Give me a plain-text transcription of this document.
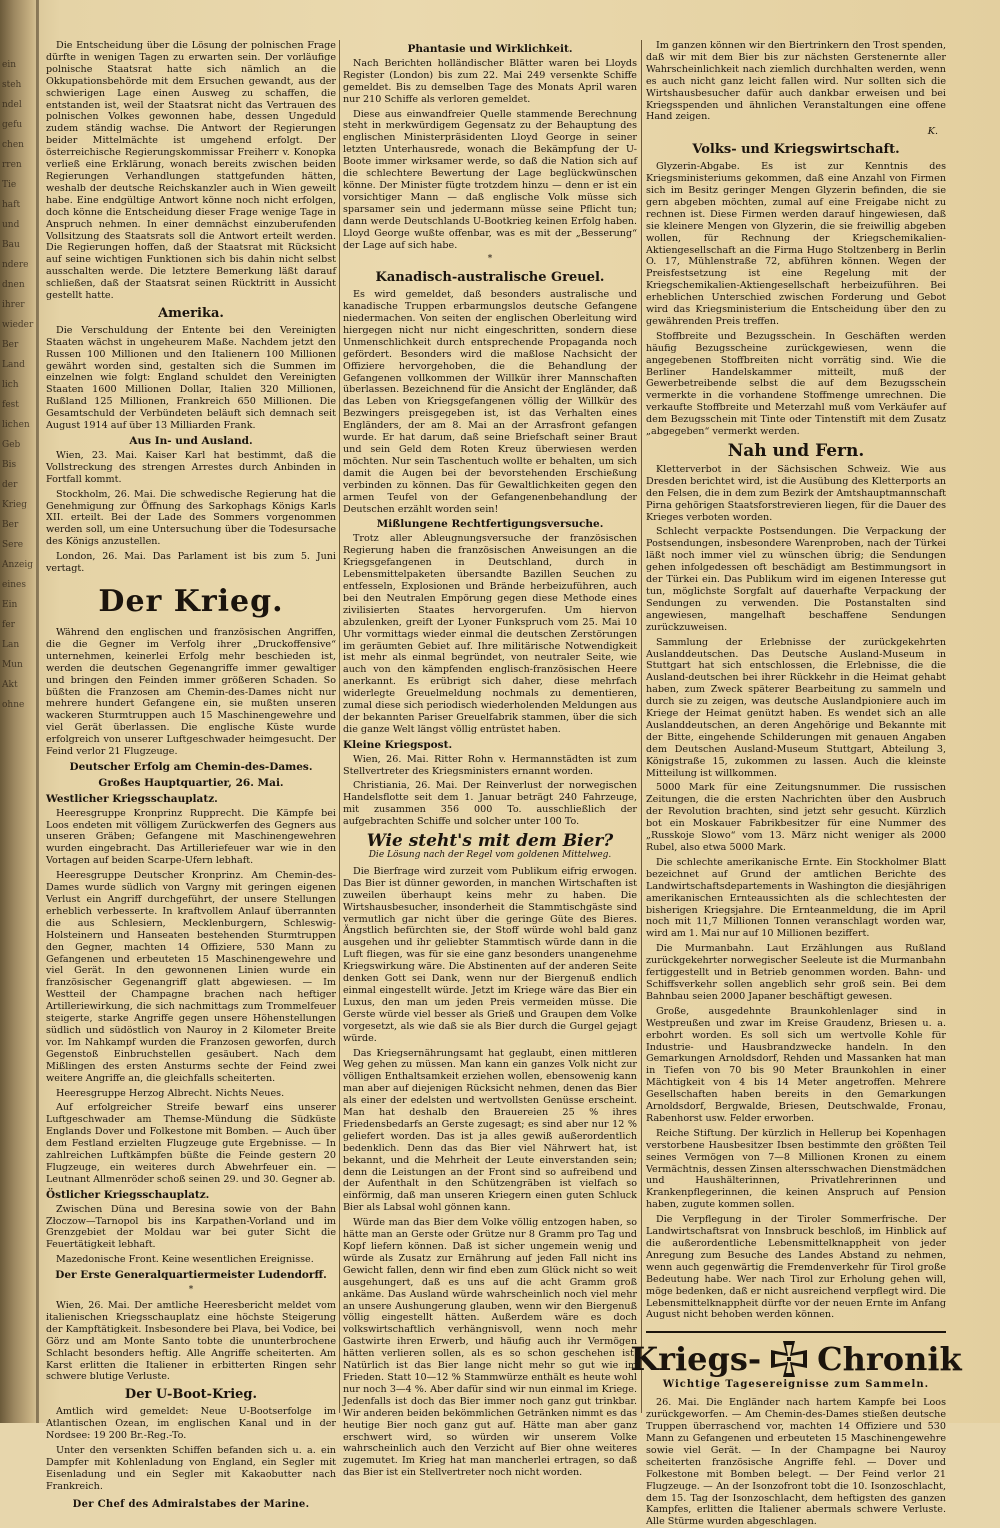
ein
steh
ndel
gefu
chen
rren
Tie
haft
und
Bau
ndere
dnen
ihrer
wieder
Ber
Land
lich
fest
lichen
Geb
Bis
der
Krieg
Ber
Sere
Anzeig
eines
Ein
fer
Lan
Mun
Akt
ohne

Die Entscheidung über die Lösung der polnischen Frage dürfte in wenigen Tagen zu erwarten sein. Der vorläufige polnische Staatsrat hatte sich nämlich an die Okkupationsbehörde mit dem Ersuchen gewandt, aus der schwierigen Lage einen Ausweg zu schaffen, die entstanden ist, weil der Staatsrat nicht das Vertrauen des polnischen Volkes gewonnen habe, dessen Ungeduld zudem ständig wachse. Die Antwort der Regierungen beider Mittelmächte ist umgehend erfolgt. Der österreichische Regierungskommissar Freiherr v. Konopka verließ eine Erklärung, wonach bereits zwischen beiden Regierungen Verhandlungen stattgefunden hätten, weshalb der deutsche Reichskanzler auch in Wien geweilt habe. Eine endgültige Antwort könne noch nicht erfolgen, doch könne die Entscheidung dieser Frage wenige Tage in Anspruch nehmen. In einer demnächst einzuberufenden Vollsitzung des Staatsrats soll die Antwort erteilt werden. Die Regierungen hoffen, daß der Staatsrat mit Rücksicht auf seine wichtigen Funktionen sich bis dahin nicht selbst ausschalten werde. Die letztere Bemerkung läßt darauf schließen, daß der Staatsrat seinen Rücktritt in Aussicht gestellt hatte.

Amerika.

Die Verschuldung der Entente bei den Vereinigten Staaten wächst in ungeheurem Maße. Nachdem jetzt den Russen 100 Millionen und den Italienern 100 Millionen gewährt worden sind, gestalten sich die Summen im einzelnen wie folgt: England schuldet den Vereinigten Staaten 1600 Millionen Dollar, Italien 320 Millionen, Rußland 125 Millionen, Frankreich 650 Millionen. Die Gesamtschuld der Verbündeten beläuft sich demnach seit August 1914 auf über 13 Milliarden Frank.

Aus In- und Ausland.

Wien, 23. Mai. Kaiser Karl hat bestimmt, daß die Vollstreckung des strengen Arrestes durch Anbinden in Fortfall kommt.

Stockholm, 26. Mai. Die schwedische Regierung hat die Genehmigung zur Öffnung des Sarkophags Königs Karls XII. erteilt. Bei der Lade des Sommers vorgenommen werden soll, um eine Untersuchung über die Todesursache des Königs anzustellen.

London, 26. Mai. Das Parlament ist bis zum 5. Juni vertagt.

Der Krieg.

Während den englischen und französischen Angriffen, die die Gegner im Verfolg ihrer „Druckoffensive“ unternehmen, keinerlei Erfolg mehr beschieden ist, werden die deutschen Gegenangriffe immer gewaltiger und bringen den Feinden immer größeren Schaden. So büßten die Franzosen am Chemin-des-Dames nicht nur mehrere hundert Gefangene ein, sie mußten unseren wackeren Sturmtruppen auch 15 Maschinengewehre und viel Gerät überlassen. Die englische Küste wurde erfolgreich von unserer Luftgeschwader heimgesucht. Der Feind verlor 21 Flugzeuge.

Deutscher Erfolg am Chemin-des-Dames.
Großes Hauptquartier, 26. Mai.
Westlicher Kriegsschauplatz.

Heeresgruppe Kronprinz Rupprecht. Die Kämpfe bei Loos endeten mit völligem Zurückwerfen des Gegners aus unseren Gräben; Gefangene mit Maschinengewehren wurden eingebracht. Das Artilleriefeuer war wie in den Vortagen auf beiden Scarpe-Ufern lebhaft.

Heeresgruppe Deutscher Kronprinz. Am Chemin-des-Dames wurde südlich von Vargny mit geringen eigenen Verlust ein Angriff durchgeführt, der unsere Stellungen erheblich verbesserte. In kraftvollem Anlauf überrannten die aus Schlesiern, Mecklenburgern, Schleswig-Holsteinern und Hanseaten bestehenden Sturmtruppen den Gegner, machten 14 Offiziere, 530 Mann zu Gefangenen und erbeuteten 15 Maschinengewehre und viel Gerät. In den gewonnenen Linien wurde ein französischer Gegenangriff glatt abgewiesen. — Im Westteil der Champagne brachen nach heftiger Artilleriewirkung, die sich nachmittags zum Trommelfeuer steigerte, starke Angriffe gegen unsere Höhenstellungen südlich und südöstlich von Nauroy in 2 Kilometer Breite vor. Im Nahkampf wurden die Franzosen geworfen, durch Gegenstoß Einbruchstellen gesäubert. Nach dem Mißlingen des ersten Ansturms sechte der Feind zwei weitere Angriffe an, die gleichfalls scheiterten.

Heeresgruppe Herzog Albrecht. Nichts Neues.

Auf erfolgreicher Streife bewarf eins unserer Luftgeschwader am Themse-Mündung die Südküste Englands Dover und Folkestone mit Bomben. — Auch über dem Festland erzielten Flugzeuge gute Ergebnisse. — In zahlreichen Luftkämpfen büßte die Feinde gestern 20 Flugzeuge, ein weiteres durch Abwehrfeuer ein. — Leutnant Allmenröder schoß seinen 29. und 30. Gegner ab.

Östlicher Kriegsschauplatz.

Zwischen Düna und Beresina sowie von der Bahn Złoczow—Tarnopol bis ins Karpathen-Vorland und im Grenzgebiet der Moldau war bei guter Sicht die Feuertätigkeit lebhaft.

Mazedonische Front. Keine wesentlichen Ereignisse.

Der Erste Generalquartiermeister Ludendorff.
*

Wien, 26. Mai. Der amtliche Heeresbericht meldet vom italienischen Kriegsschauplatz eine höchste Steigerung der Kampftätigkeit. Insbesondere bei Plava, bei Vodice, bei Görz und am Monte Santo tobte die ununterbrochene Schlacht besonders heftig. Alle Angriffe scheiterten. Am Karst erlitten die Italiener in erbitterten Ringen sehr schwere blutige Verluste.

Der U-Boot-Krieg.

Amtlich wird gemeldet: Neue U-Bootserfolge im Atlantischen Ozean, im englischen Kanal und in der Nordsee: 19 200 Br.-Reg.-To.

Unter den versenkten Schiffen befanden sich u. a. ein Dampfer mit Kohlenladung von England, ein Segler mit Eisenladung und ein Segler mit Kakaobutter nach Frankreich.

Der Chef des Admiralstabes der Marine.
Phantasie und Wirklichkeit.

Nach Berichten holländischer Blätter waren bei Lloyds Register (London) bis zum 22. Mai 249 versenkte Schiffe gemeldet. Bis zu demselben Tage des Monats April waren nur 210 Schiffe als verloren gemeldet.

Diese aus einwandfreier Quelle stammende Berechnung steht in merkwürdigem Gegensatz zu der Behauptung des englischen Ministerpräsidenten Lloyd George in seiner letzten Unterhausrede, wonach die Bekämpfung der U-Boote immer wirksamer werde, so daß die Nation sich auf die schlechtere Bewertung der Lage beglückwünschen könne. Der Minister fügte trotzdem hinzu — denn er ist ein vorsichtiger Mann — daß englische Volk müsse sich sparsamer sein und jedermann müsse seine Pflicht tun; dann werde Deutschlands U-Bootkrieg keinen Erfolg haben. Lloyd George wußte offenbar, was es mit der „Besserung“ der Lage auf sich habe.

*
Kanadisch-australische Greuel.

Es wird gemeldet, daß besonders australische und kanadische Truppen erbarmungslos deutsche Gefangene niedermachen. Von seiten der englischen Oberleitung wird hiergegen nicht nur nicht eingeschritten, sondern diese Unmenschlichkeit durch entsprechende Propaganda noch gefördert. Besonders wird die maßlose Nachsicht der Offiziere hervorgehoben, die die Behandlung der Gefangenen vollkommen der Willkür ihrer Mannschaften überlassen. Bezeichnend für die Ansicht der Engländer, daß das Leben von Kriegsgefangenen völlig der Willkür des Bezwingers preisgegeben ist, ist das Verhalten eines Engländers, der am 8. Mai an der Arrasfront gefangen wurde. Er hat darum, daß seine Briefschaft seiner Braut und sein Geld dem Roten Kreuz überwiesen werden möchten. Nur sein Taschentuch wollte er behalten, um sich damit die Augen bei der bevorstehenden Erschießung verbinden zu können. Das für Gewaltlichkeiten gegen den armen Teufel von der Gefangenenbehandlung der Deutschen erzählt worden sein!

Mißlungene Rechtfertigungsversuche.

Trotz aller Ableugnungsversuche der französischen Regierung haben die französischen Anweisungen an die Kriegsgefangenen in Deutschland, durch in Lebensmittelpaketen übersandte Bazillen Seuchen zu entfesseln, Explosionen und Brände herbeizuführen, auch bei den Neutralen Empörung gegen diese Methode eines zivilisierten Staates hervorgerufen. Um hiervon abzulenken, greift der Lyoner Funkspruch vom 25. Mai 10 Uhr vormittags wieder einmal die deutschen Zerstörungen im geräumten Gebiet auf. Ihre militärische Notwendigkeit ist mehr als einmal begründet, von neutraler Seite, wie auch von den kämpfenden englisch-französischen Heere anerkannt. Es erübrigt sich daher, diese mehrfach widerlegte Greuelmeldung nochmals zu dementieren, zumal diese sich periodisch wiederholenden Meldungen aus der bekannten Pariser Greuelfabrik stammen, über die sich die ganze Welt längst völlig entrüstet haben.

Kleine Kriegspost.

Wien, 26. Mai. Ritter Rohn v. Hermannstädten ist zum Stellvertreter des Kriegsministers ernannt worden.

Christiania, 26. Mai. Der Reinverlust der norwegischen Handelsflotte seit dem 1. Januar beträgt 240 Fahrzeuge, mit zusammen 356 000 To. ausschließlich der aufgebrachten Schiffe und solcher unter 100 To.

Wie steht's mit dem Bier?
Die Lösung nach der Regel vom goldenen Mittelweg.

Die Bierfrage wird zurzeit vom Publikum eifrig erwogen. Das Bier ist dünner geworden, in manchen Wirtschaften ist zuweilen überhaupt keins mehr zu haben. Die Wirtshausbesucher, insonderheit die Stammtischgäste sind vermutlich gar nicht über die geringe Güte des Bieres. Ängstlich befürchten sie, der Stoff würde wohl bald ganz ausgehen und ihr geliebter Stammtisch würde dann in die Luft fliegen, was für sie eine ganz besonders unangenehme Kriegswirkung wäre. Die Abstinenten auf der anderen Seite denken Gott sei Dank, wenn nur der Biergenuß endlich einmal eingestellt würde. Jetzt im Kriege wäre das Bier ein Luxus, den man um jeden Preis vermeiden müsse. Die Gerste würde viel besser als Grieß und Graupen dem Volke vorgesetzt, als wie daß sie als Bier durch die Gurgel gejagt würde.

Das Kriegsernährungsamt hat geglaubt, einen mittleren Weg gehen zu müssen. Man kann ein ganzes Volk nicht zur völligen Enthaltsamkeit erziehen wollen, ebensowenig kann man aber auf diejenigen Rücksicht nehmen, denen das Bier als einer der edelsten und wertvollsten Genüsse erscheint. Man hat deshalb den Brauereien 25 % ihres Friedensbedarfs an Gerste zugesagt; es sind aber nur 12 % geliefert worden. Das ist ja alles gewiß außerordentlich bedenklich. Denn das das Bier viel Nährwert hat, ist bekannt, und die Mehrheit der Leute einverstanden sein; denn die Leistungen an der Front sind so aufreibend und der Aufenthalt in den Schützengräben ist vielfach so einförmig, daß man unseren Kriegern einen guten Schluck Bier als Labsal wohl gönnen kann.

Würde man das Bier dem Volke völlig entzogen haben, so hätte man an Gerste oder Grütze nur 8 Gramm pro Tag und Kopf liefern können. Daß ist sicher ungemein wenig und würde als Zusatz zur Ernährung auf jeden Fall nicht ins Gewicht fallen, denn wir find eben zum Glück nicht so weit ausgehungert, daß es uns auf die acht Gramm groß ankäme. Das Ausland würde wahrscheinlich noch viel mehr an unsere Aushungerung glauben, wenn wir den Biergenuß völlig eingestellt hätten. Außerdem wäre es doch volkswirtschaftlich verhängnisvoll, wenn noch mehr Gastwirte ihren Erwerb, und häufig auch ihr Vermögen hätten verlieren sollen, als es so schon geschehen ist. Natürlich ist das Bier lange nicht mehr so gut wie im Frieden. Statt 10—12 % Stammwürze enthält es heute wohl nur noch 3—4 %. Aber dafür sind wir nun einmal im Kriege. Jedenfalls ist doch das Bier immer noch ganz gut trinkbar. Wir anderen beiden bekömmlichen Getränken nimmt es das heutige Bier noch ganz gut auf. Hätte man aber ganz erschwert wird, so würden wir unserem Volke wahrscheinlich auch den Verzicht auf Bier ohne weiteres zugemutet. Im Krieg hat man mancherlei ertragen, so daß das Bier ist ein Stellvertreter noch nicht worden.

Im ganzen können wir den Biertrinkern den Trost spenden, daß wir mit dem Bier bis zur nächsten Gerstenernte aller Wahrscheinlichkeit nach ziemlich durchhalten werden, wenn es auch nicht ganz leicht fallen wird. Nur sollten sich die Wirtshausbesucher dafür auch dankbar erweisen und bei Kriegsspenden und ähnlichen Veranstaltungen eine offene Hand zeigen.

K.
Volks- und Kriegswirtschaft.

Glyzerin-Abgabe. Es ist zur Kenntnis des Kriegsministeriums gekommen, daß eine Anzahl von Firmen sich im Besitz geringer Mengen Glyzerin befinden, die sie gern abgeben möchten, zumal auf eine Freigabe nicht zu rechnen ist. Diese Firmen werden darauf hingewiesen, daß sie kleinere Mengen von Glyzerin, die sie freiwillig abgeben wollen, für Rechnung der Kriegschemikalien-Aktiengesellschaft an die Firma Hugo Stoltzenberg in Berlin O. 17, Mühlenstraße 72, abführen können. Wegen der Preisfestsetzung ist eine Regelung mit der Kriegschemikalien-Aktiengesellschaft herbeizuführen. Bei erheblichen Unterschied zwischen Forderung und Gebot wird das Kriegsministerium die Entscheidung über den zu gewährenden Preis treffen.

Stoffbreite und Bezugsschein. In Geschäften werden häufig Bezugsscheine zurückgewiesen, wenn die angegebenen Stoffbreiten nicht vorrätig sind. Wie die Berliner Handelskammer mitteilt, muß der Gewerbetreibende selbst die auf dem Bezugsschein vermerkte in die vorhandene Stoffmenge umrechnen. Die verkaufte Stoffbreite und Meterzahl muß vom Verkäufer auf dem Bezugsschein mit Tinte oder Tintenstift mit dem Zusatz „abgegeben“ vermerkt werden.

Nah und Fern.

Kletterverbot in der Sächsischen Schweiz. Wie aus Dresden berichtet wird, ist die Ausübung des Kletterports an den Felsen, die in dem zum Bezirk der Amtshauptmannschaft Pirna gehörigen Staatsforstrevieren liegen, für die Dauer des Krieges verboten worden.

Schlecht verpackte Postsendungen. Die Verpackung der Postsendungen, insbesondere Warenproben, nach der Türkei läßt noch immer viel zu wünschen übrig; die Sendungen gehen infolgedessen oft beschädigt am Bestimmungsort in der Türkei ein. Das Publikum wird im eigenen Interesse gut tun, möglichste Sorgfalt auf dauerhafte Verpackung der Sendungen zu verwenden. Die Postanstalten sind angewiesen, mangelhaft beschaffene Sendungen zurückzuweisen.

Sammlung der Erlebnisse der zurückgekehrten Auslanddeutschen. Das Deutsche Ausland-Museum in Stuttgart hat sich entschlossen, die Erlebnisse, die die Ausland-deutschen bei ihrer Rückkehr in die Heimat gehabt haben, zum Zweck späterer Bearbeitung zu sammeln und durch sie zu zeigen, was deutsche Auslandpioniere auch im Kriege der Heimat genützt haben. Es wendet sich an alle Auslanddeutschen, an deren Angehörige und Bekannte mit der Bitte, eingehende Schilderungen mit genauen Angaben dem Deutschen Ausland-Museum Stuttgart, Abteilung 3, Königstraße 15, zukommen zu lassen. Auch die kleinste Mitteilung ist willkommen.

5000 Mark für eine Zeitungsnummer. Die russischen Zeitungen, die die ersten Nachrichten über den Ausbruch der Revolution brachten, sind jetzt sehr gesucht. Kürzlich bot ein Moskauer Fabrikbesitzer für eine Nummer des „Russkoje Slowo“ vom 13. März nicht weniger als 2000 Rubel, also etwa 5000 Mark.

Die schlechte amerikanische Ernte. Ein Stockholmer Blatt bezeichnet auf Grund der amtlichen Berichte des Landwirtschaftsdepartements in Washington die diesjährigen amerikanischen Ernteaussichten als die schlechtesten der bisherigen Kriegsjahre. Die Ernteanmeldung, die im April noch mit 11,7 Millionen Tonnen veranschlagt worden war, wird am 1. Mai nur auf 10 Millionen beziffert.

Die Murmanbahn. Laut Erzählungen aus Rußland zurückgekehrter norwegischer Seeleute ist die Murmanbahn fertiggestellt und in Betrieb genommen worden. Bahn- und Schiffsverkehr sollen angeblich sehr groß sein. Bei dem Bahnbau seien 2000 Japaner beschäftigt gewesen.

Große, ausgedehnte Braunkohlenlager sind in Westpreußen und zwar im Kreise Graudenz, Briesen u. a. erbohrt worden. Es soll sich um wertvolle Kohle für Industrie- und Hausbrandzwecke handeln. In den Gemarkungen Arnoldsdorf, Rehden und Massanken hat man in Tiefen von 70 bis 90 Meter Braunkohlen in einer Mächtigkeit von 4 bis 14 Meter angetroffen. Mehrere Gesellschaften haben bereits in den Gemarkungen Arnoldsdorf, Bergwalde, Briesen, Deutschwalde, Fronau, Rabenhorst usw. Felder erworben.

Reiche Stiftung. Der kürzlich in Hellerup bei Kopenhagen verstorbene Hausbesitzer Ibsen bestimmte den größten Teil seines Vermögen von 7—8 Millionen Kronen zu einem Vermächtnis, dessen Zinsen altersschwachen Dienstmädchen und Haushälterinnen, Privatlehrerinnen und Krankenpflegerinnen, die keinen Anspruch auf Pension haben, zugute kommen sollen.

Die Verpflegung in der Tiroler Sommerfrische. Der Landwirtschaftsrat von Innsbruck beschloß, im Hinblick auf die außerordentliche Lebensmittelknappheit von jeder Anregung zum Besuche des Landes Abstand zu nehmen, wenn auch gegenwärtig die Fremdenverkehr für Tirol große Bedeutung habe. Wer nach Tirol zur Erholung gehen will, möge bedenken, daß er nicht ausreichend verpflegt wird. Die Lebensmittelknappheit dürfte vor der neuen Ernte im Anfang August nicht behoben werden können.

Kriegs- Chronik
Wichtige Tagesereignisse zum Sammeln.

26. Mai. Die Engländer nach hartem Kampfe bei Loos zurückgeworfen. — Am Chemin-des-Dames stießen deutsche Truppen überraschend vor, machten 14 Offiziere und 530 Mann zu Gefangenen und erbeuteten 15 Maschinengewehre sowie viel Gerät. — In der Champagne bei Nauroy scheiterten französische Angriffe fehl. — Dover und Folkestone mit Bomben belegt. — Der Feind verlor 21 Flugzeuge. — An der Isonzofront tobt die 10. Isonzoschlacht, dem 15. Tag der Isonzoschlacht, dem heftigsten des ganzen Kampfes, erlitten die Italiener abermals schwere Verluste. Alle Stürme wurden abgeschlagen.
